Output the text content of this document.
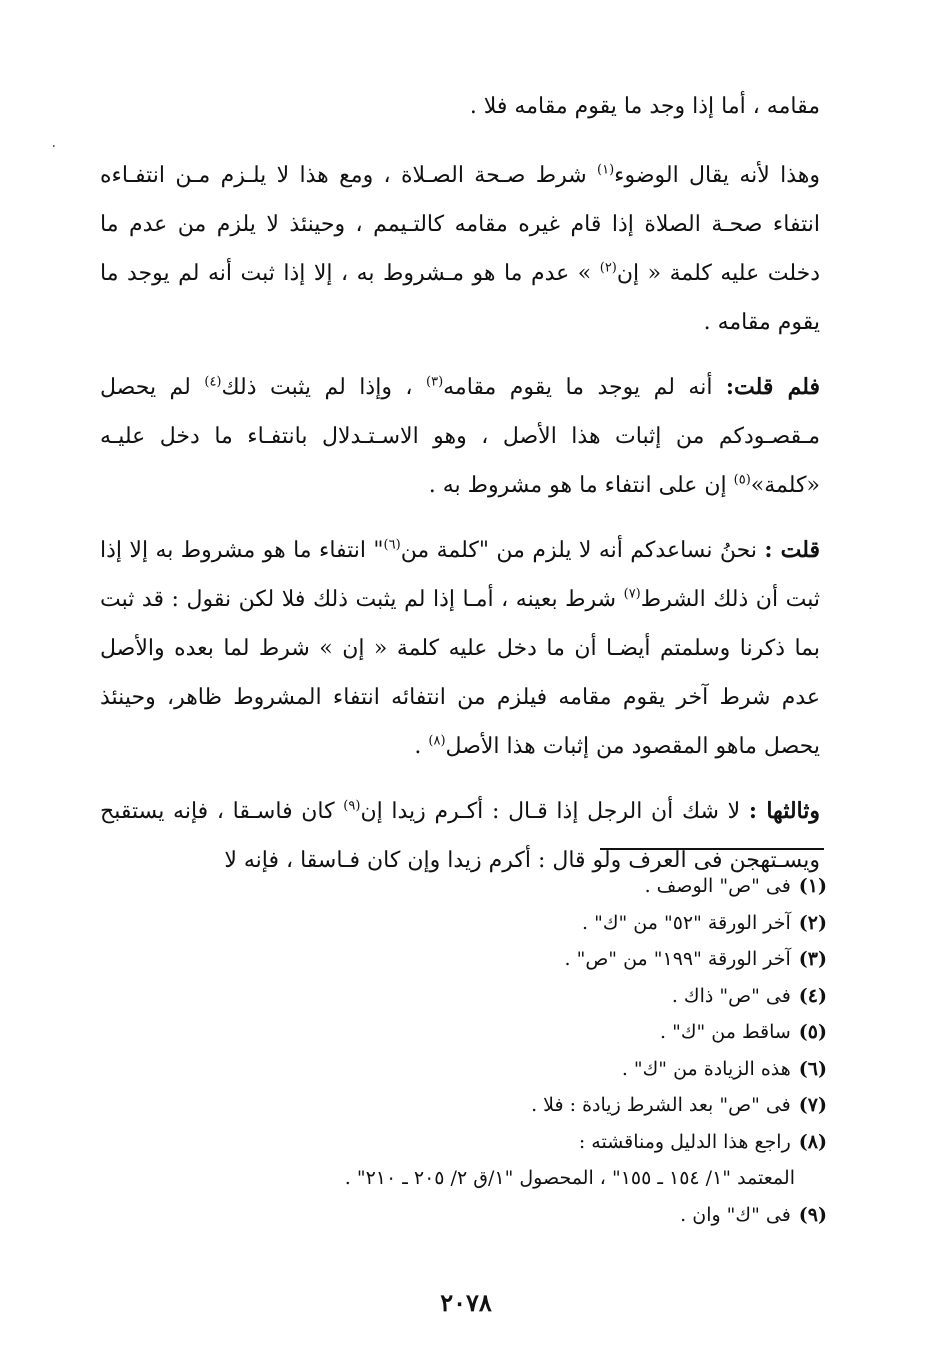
٠

مقامه ، أما إذا وجد ما يقوم مقامه فلا .

وهذا لأنه يقال الوضوء$^{(١)}$ شرط صـحة الصـلاة ، ومع هذا لا يلـزم مـن انتفـاءه انتفاء صحـة الصلاة إذا قام غيره مقامه كالتـيمم ، وحينئذ لا يلزم من عدم ما دخلت عليه كلمة « إن$^{(٢)}$ » عدم ما هو مـشروط به ، إلا إذا ثبت أنه لم يوجد ما يقوم مقامه .

فلم قلت: أنه لم يوجد ما يقوم مقامه$^{(٣)}$ ، وإذا لم يثبت ذلك$^{(٤)}$ لم يحصل مـقصـودكم من إثبات هذا الأصل ، وهو الاسـتـدلال بانتفـاء ما دخل عليـه «كلمة»$^{(٥)}$ إن على انتفاء ما هو مشروط به .

قلت : نحنُ نساعدكم أنه لا يلزم من "كلمة من$^{(٦)}$" انتفاء ما هو مشروط به إلا إذا ثبت أن ذلك الشرط$^{(٧)}$ شرط بعينه ، أمـا إذا لم يثبت ذلك فلا لكن نقول : قد ثبت بما ذكرنا وسلمتم أيضـا أن ما دخل عليه كلمة « إن » شرط لما بعده والأصل عدم شرط آخر يقوم مقامه فيلزم من انتفائه انتفاء المشروط ظاهر، وحينئذ يحصل ماهو المقصود من إثبات هذا الأصل$^{(٨)}$ .

وثالثها : لا شك أن الرجل إذا قـال : أكـرم زيدا إن$^{(٩)}$ كان فاسـقا ، فإنه يستقبح ويسـتهجن فى العرف ولو قال : أكرم زيدا وإن كان فـاسقا ، فإنه لا

(١)فى "ص" الوصف .
(٢)آخر الورقة "٥٢" من "ك" .
(٣)آخر الورقة "١٩٩" من "ص" .
(٤)فى "ص" ذاك .
(٥)ساقط من "ك" .
(٦)هذه الزيادة من "ك" .
(٧)فى "ص" بعد الشرط زيادة : فلا .
(٨)راجع هذا الدليل ومناقشته :
المعتمد "١/ ١٥٤ ـ ١٥٥" ، المحصول "١/ق ٢/ ٢٠٥ ـ ٢١٠" .
(٩)فى "ك" وان .
٢٠٧٨
